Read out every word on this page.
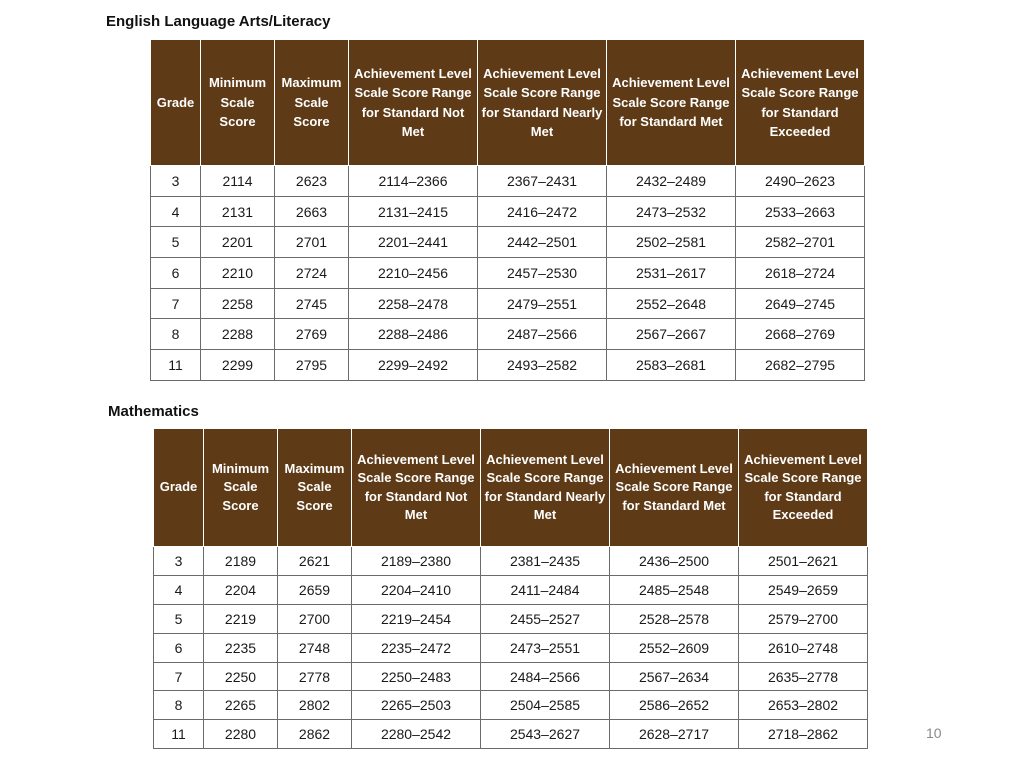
English Language Arts/Literacy
Grade	Minimum Scale Score	Maximum Scale Score	Achievement Level Scale Score Range for Standard Not Met	Achievement Level Scale Score Range for Standard Nearly Met	Achievement Level Scale Score Range for Standard Met	Achievement Level Scale Score Range for Standard Exceeded
3	2114	2623	2114–2366	2367–2431	2432–2489	2490–2623
4	2131	2663	2131–2415	2416–2472	2473–2532	2533–2663
5	2201	2701	2201–2441	2442–2501	2502–2581	2582–2701
6	2210	2724	2210–2456	2457–2530	2531–2617	2618–2724
7	2258	2745	2258–2478	2479–2551	2552–2648	2649–2745
8	2288	2769	2288–2486	2487–2566	2567–2667	2668–2769
11	2299	2795	2299–2492	2493–2582	2583–2681	2682–2795
Mathematics
Grade	Minimum Scale Score	Maximum Scale Score	Achievement Level Scale Score Range for Standard Not Met	Achievement Level Scale Score Range for Standard Nearly Met	Achievement Level Scale Score Range for Standard Met	Achievement Level Scale Score Range for Standard Exceeded
3	2189	2621	2189–2380	2381–2435	2436–2500	2501–2621
4	2204	2659	2204–2410	2411–2484	2485–2548	2549–2659
5	2219	2700	2219–2454	2455–2527	2528–2578	2579–2700
6	2235	2748	2235–2472	2473–2551	2552–2609	2610–2748
7	2250	2778	2250–2483	2484–2566	2567–2634	2635–2778
8	2265	2802	2265–2503	2504–2585	2586–2652	2653–2802
11	2280	2862	2280–2542	2543–2627	2628–2717	2718–2862	10
